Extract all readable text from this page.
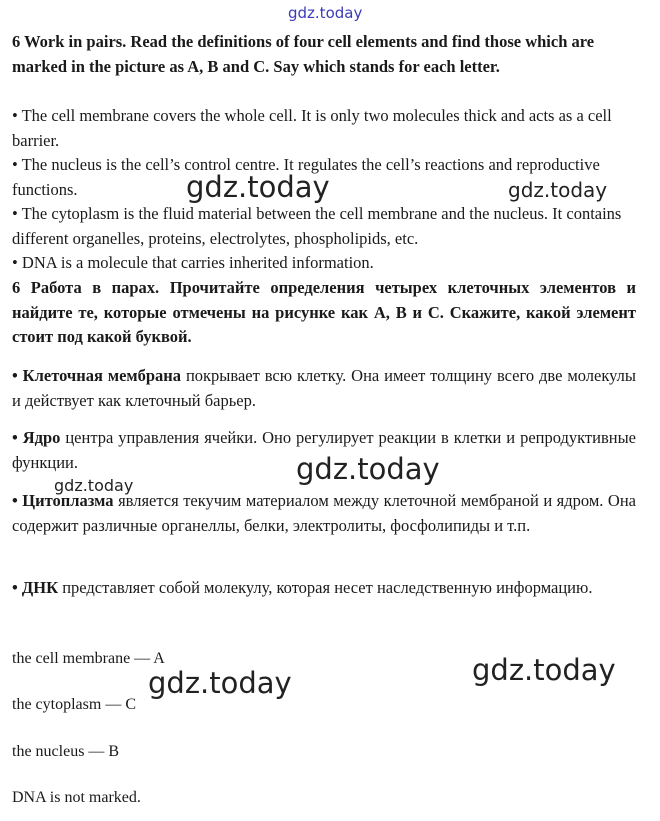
gdz.today

6 Work in pairs. Read the definitions of four cell elements and find those which are marked in the picture as A, B and C. Say which stands for each letter.

• The cell membrane covers the whole cell. It is only two molecules thick and acts as a cell barrier.

• The nucleus is the cell’s control centre. It regulates the cell’s reactions and reproductive functions.

• The cytoplasm is the fluid material between the cell membrane and the nucleus. It contains different organelles, proteins, electrolytes, phospholipids, etc.

• DNA is a molecule that carries inherited information.

6 Работа в парах. Прочитайте определения четырех клеточных элементов и найдите те, которые отмечены на рисунке как А, В и С. Скажите, какой элемент стоит под какой буквой.

• Клеточная мембрана покрывает всю клетку. Она имеет толщину всего две молекулы и действует как клеточный барьер.

• Ядро центра управления ячейки. Оно регулирует реакции в клетки и репродуктивные функции.

• Цитоплазма является текучим материалом между клеточной мембраной и ядром. Она содержит различные органеллы, белки, электролиты, фосфолипиды и т.п.

• ДНК представляет собой молекулу, которая несет наследственную информацию.

the cell membrane — A

the cytoplasm — C

the nucleus — B

DNA is not marked.

gdz.today	gdz.today
gdz.today
gdz.today
gdz.today
gdz.today
